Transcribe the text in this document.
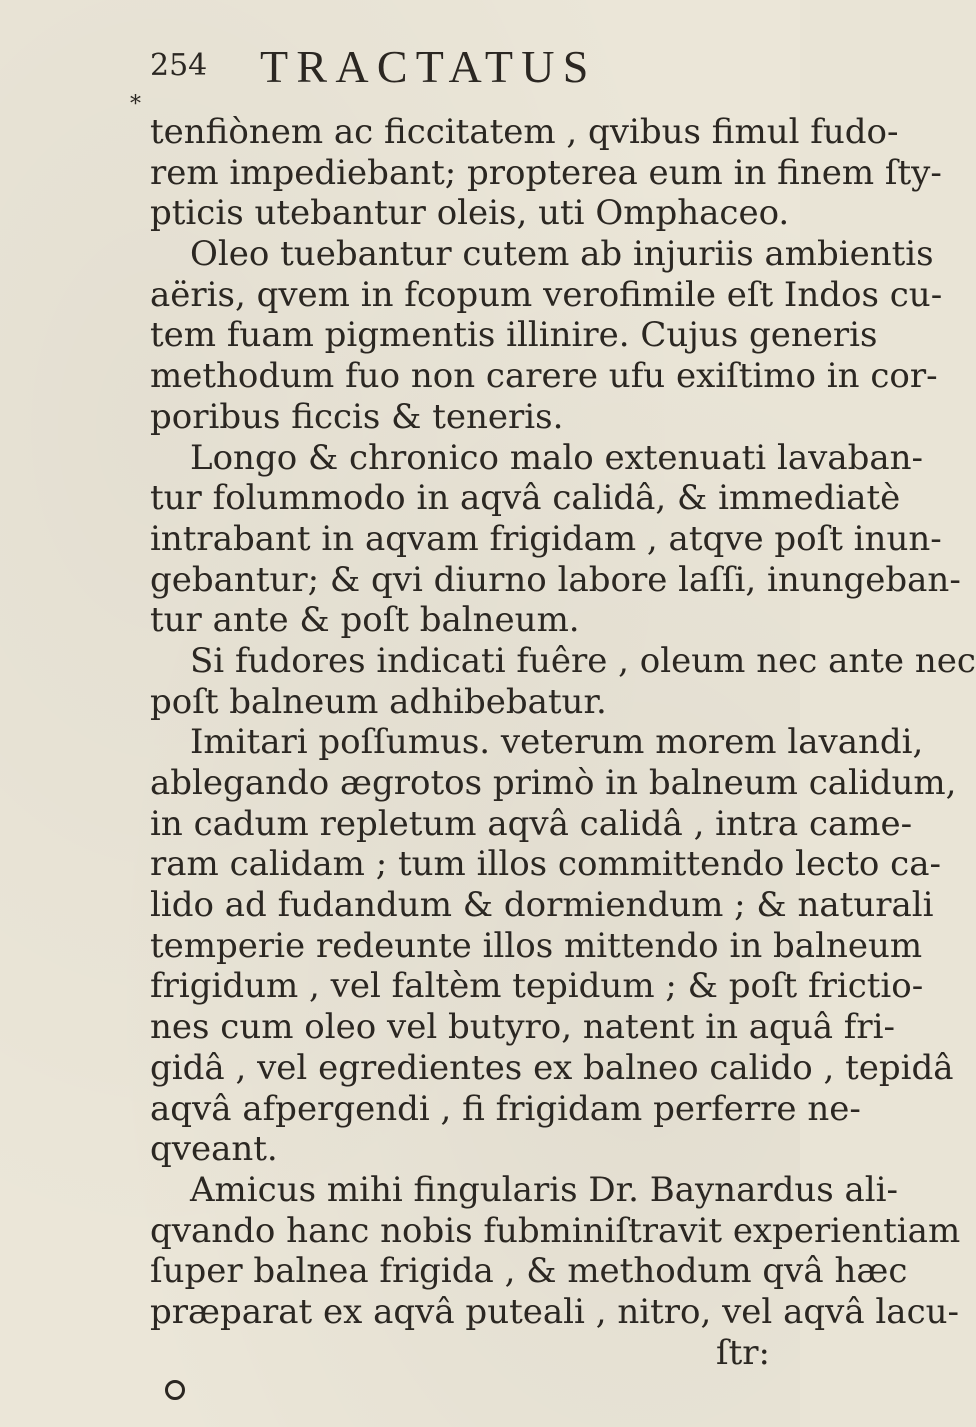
254 TRACTATUS
*
tenfiònem ac ficcitatem , qvibus fimul fudo-
rem impediebant; propterea eum in finem ſty-
pticis utebantur oleis, uti Omphaceo.
Oleo tuebantur cutem ab injuriis ambientis
aëris, qvem in fcopum verofimile eſt Indos cu-
tem fuam pigmentis illinire. Cujus generis
methodum fuo non carere ufu exiſtimo in cor-
poribus ficcis & teneris.
Longo & chronico malo extenuati lavaban-
tur folummodo in aqvâ calidâ, & immediatè
intrabant in aqvam frigidam , atqve poſt inun-
gebantur; & qvi diurno labore laſſi, inungeban-
tur ante & poſt balneum.
Si fudores indicati fuêre , oleum nec ante nec
poſt balneum adhibebatur.
Imitari poſſumus. veterum morem lavandi,
ablegando ægrotos primò in balneum calidum,
in cadum repletum aqvâ calidâ , intra came-
ram calidam ; tum illos committendo lecto ca-
lido ad fudandum & dormiendum ; & naturali
temperie redeunte illos mittendo in balneum
frigidum , vel faltèm tepidum ; & poſt frictio-
nes cum oleo vel butyro, natent in aquâ fri-
gidâ , vel egredientes ex balneo calido , tepidâ
aqvâ afpergendi , fi frigidam perferre ne-
qveant.
Amicus mihi fingularis Dr. Baynardus ali-
qvando hanc nobis fubminiſtravit experientiam
ſuper balnea frigida , & methodum qvâ hæc
præparat ex aqvâ puteali , nitro, vel aqvâ lacu-
ſtr:
